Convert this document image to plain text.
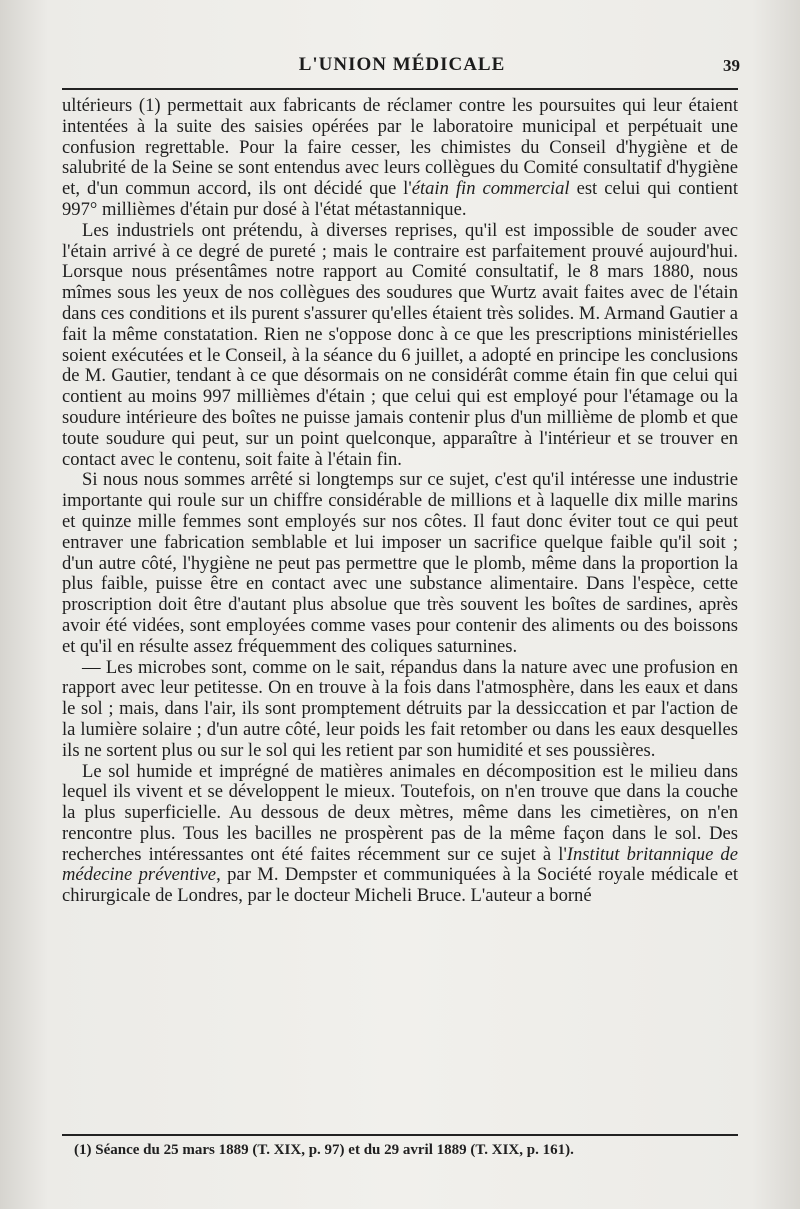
L'UNION MÉDICALE	39

ultérieurs (1) permettait aux fabricants de réclamer contre les poursuites qui leur étaient intentées à la suite des saisies opérées par le laboratoire municipal et perpétuait une confusion regrettable. Pour la faire cesser, les chimistes du Conseil d'hygiène et de salubrité de la Seine se sont entendus avec leurs collègues du Comité consultatif d'hygiène et, d'un commun accord, ils ont décidé que l'étain fin commercial est celui qui contient 997° millièmes d'étain pur dosé à l'état métastannique.

Les industriels ont prétendu, à diverses reprises, qu'il est impossible de souder avec l'étain arrivé à ce degré de pureté ; mais le contraire est parfaitement prouvé aujourd'hui. Lorsque nous présentâmes notre rapport au Comité consultatif, le 8 mars 1880, nous mîmes sous les yeux de nos collègues des soudures que Wurtz avait faites avec de l'étain dans ces conditions et ils purent s'assurer qu'elles étaient très solides. M. Armand Gautier a fait la même constatation. Rien ne s'oppose donc à ce que les prescriptions ministérielles soient exécutées et le Conseil, à la séance du 6 juillet, a adopté en principe les conclusions de M. Gautier, tendant à ce que désormais on ne considérât comme étain fin que celui qui contient au moins 997 millièmes d'étain ; que celui qui est employé pour l'étamage ou la soudure intérieure des boîtes ne puisse jamais contenir plus d'un millième de plomb et que toute soudure qui peut, sur un point quelconque, apparaître à l'intérieur et se trouver en contact avec le contenu, soit faite à l'étain fin.

Si nous nous sommes arrêté si longtemps sur ce sujet, c'est qu'il intéresse une industrie importante qui roule sur un chiffre considérable de millions et à laquelle dix mille marins et quinze mille femmes sont employés sur nos côtes. Il faut donc éviter tout ce qui peut entraver une fabrication semblable et lui imposer un sacrifice quelque faible qu'il soit ; d'un autre côté, l'hygiène ne peut pas permettre que le plomb, même dans la proportion la plus faible, puisse être en contact avec une substance alimentaire. Dans l'espèce, cette proscription doit être d'autant plus absolue que très souvent les boîtes de sardines, après avoir été vidées, sont employées comme vases pour contenir des aliments ou des boissons et qu'il en résulte assez fréquemment des coliques saturnines.

— Les microbes sont, comme on le sait, répandus dans la nature avec une profusion en rapport avec leur petitesse. On en trouve à la fois dans l'atmosphère, dans les eaux et dans le sol ; mais, dans l'air, ils sont promptement détruits par la dessiccation et par l'action de la lumière solaire ; d'un autre côté, leur poids les fait retomber ou dans les eaux desquelles ils ne sortent plus ou sur le sol qui les retient par son humidité et ses poussières.

Le sol humide et imprégné de matières animales en décomposition est le milieu dans lequel ils vivent et se développent le mieux. Toutefois, on n'en trouve que dans la couche la plus superficielle. Au dessous de deux mètres, même dans les cimetières, on n'en rencontre plus. Tous les bacilles ne prospèrent pas de la même façon dans le sol. Des recherches intéressantes ont été faites récemment sur ce sujet à l'Institut britannique de médecine préventive, par M. Dempster et communiquées à la Société royale médicale et chirurgicale de Londres, par le docteur Micheli Bruce. L'auteur a borné

(1) Séance du 25 mars 1889 (T. XIX, p. 97) et du 29 avril 1889 (T. XIX, p. 161).
